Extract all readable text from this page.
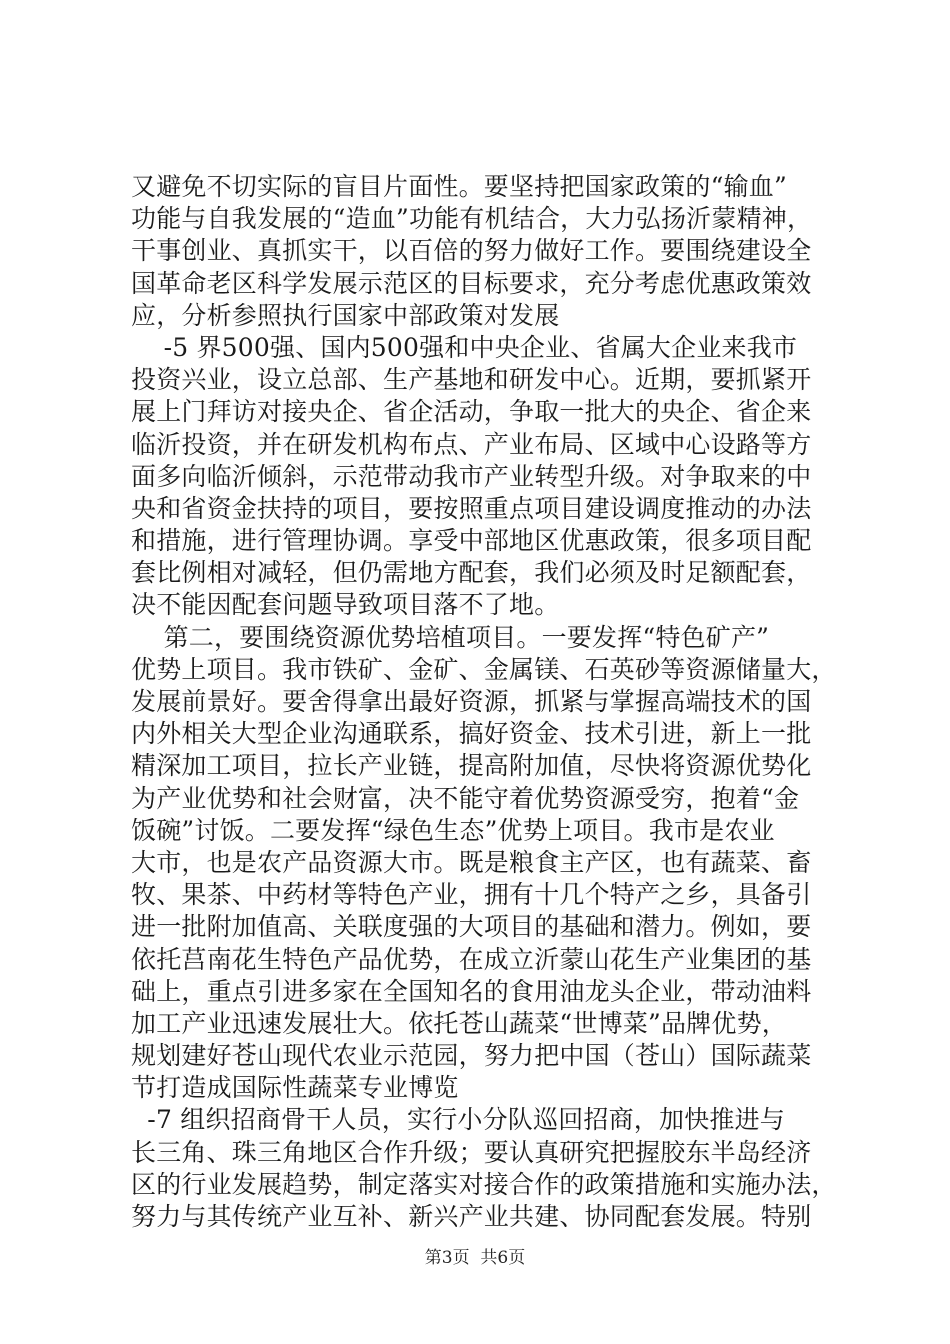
又避免不切实际的盲目片面性。要坚持把国家政策的“输血”
功能与自我发展的“造血”功能有机结合，大力弘扬沂蒙精神，
干事创业、真抓实干，以百倍的努力做好工作。要围绕建设全
国革命老区科学发展示范区的目标要求，充分考虑优惠政策效
应，分析参照执行国家中部政策对发展
-5 界500强、国内500强和中央企业、省属大企业来我市
投资兴业，设立总部、生产基地和研发中心。近期，要抓紧开
展上门拜访对接央企、省企活动，争取一批大的央企、省企来
临沂投资，并在研发机构布点、产业布局、区域中心设路等方
面多向临沂倾斜，示范带动我市产业转型升级。对争取来的中
央和省资金扶持的项目，要按照重点项目建设调度推动的办法
和措施，进行管理协调。享受中部地区优惠政策，很多项目配
套比例相对减轻，但仍需地方配套，我们必须及时足额配套，
决不能因配套问题导致项目落不了地。
第二，要围绕资源优势培植项目。一要发挥“特色矿产”
优势上项目。我市铁矿、金矿、金属镁、石英砂等资源储量大，
发展前景好。要舍得拿出最好资源，抓紧与掌握高端技术的国
内外相关大型企业沟通联系，搞好资金、技术引进，新上一批
精深加工项目，拉长产业链，提高附加值，尽快将资源优势化
为产业优势和社会财富，决不能守着优势资源受穷，抱着“金
饭碗”讨饭。二要发挥“绿色生态”优势上项目。我市是农业
大市，也是农产品资源大市。既是粮食主产区，也有蔬菜、畜
牧、果茶、中药材等特色产业，拥有十几个特产之乡，具备引
进一批附加值高、关联度强的大项目的基础和潜力。例如，要
依托莒南花生特色产品优势，在成立沂蒙山花生产业集团的基
础上，重点引进多家在全国知名的食用油龙头企业，带动油料
加工产业迅速发展壮大。依托苍山蔬菜“世博菜”品牌优势，
规划建好苍山现代农业示范园，努力把中国（苍山）国际蔬菜
节打造成国际性蔬菜专业博览
-7 组织招商骨干人员，实行小分队巡回招商，加快推进与
长三角、珠三角地区合作升级；要认真研究把握胶东半岛经济
区的行业发展趋势，制定落实对接合作的政策措施和实施办法，
努力与其传统产业互补、新兴产业共建、协同配套发展。特别
第3页  共6页
